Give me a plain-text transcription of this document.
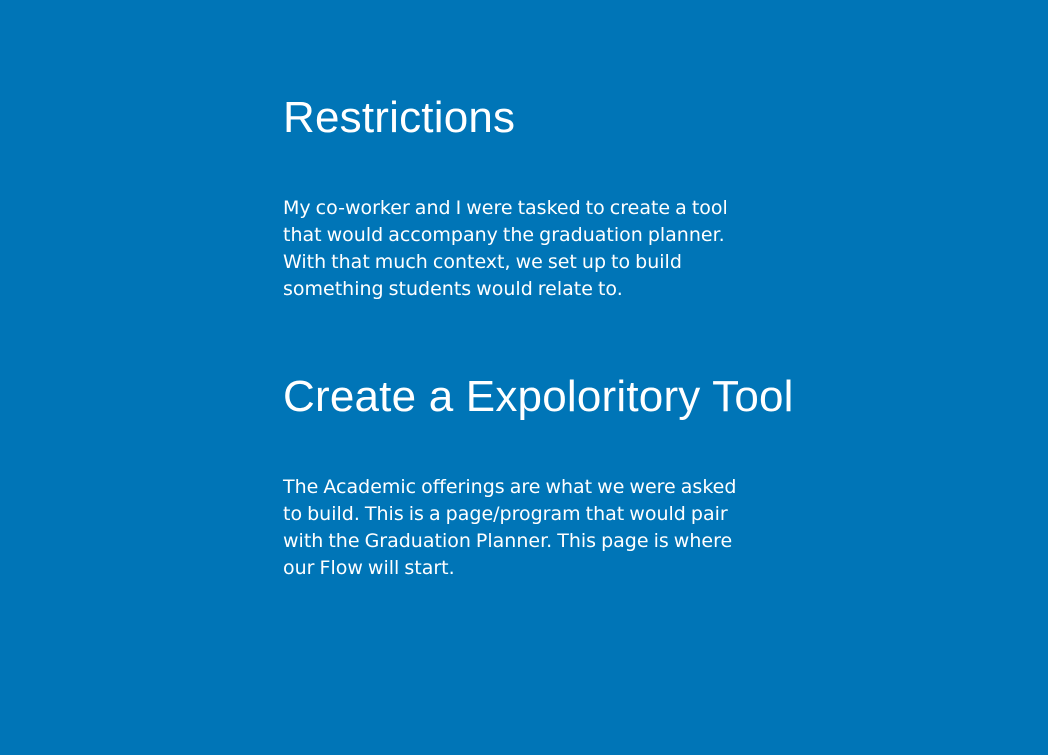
Restrictions

My co-worker and I were tasked to create a tool
that would accompany the graduation planner.
With that much context, we set up to build
something students would relate to.

Create a Expoloritory Tool

The Academic offerings are what we were asked
to build. This is a page/program that would pair
with the Graduation Planner. This page is where
our Flow will start.
